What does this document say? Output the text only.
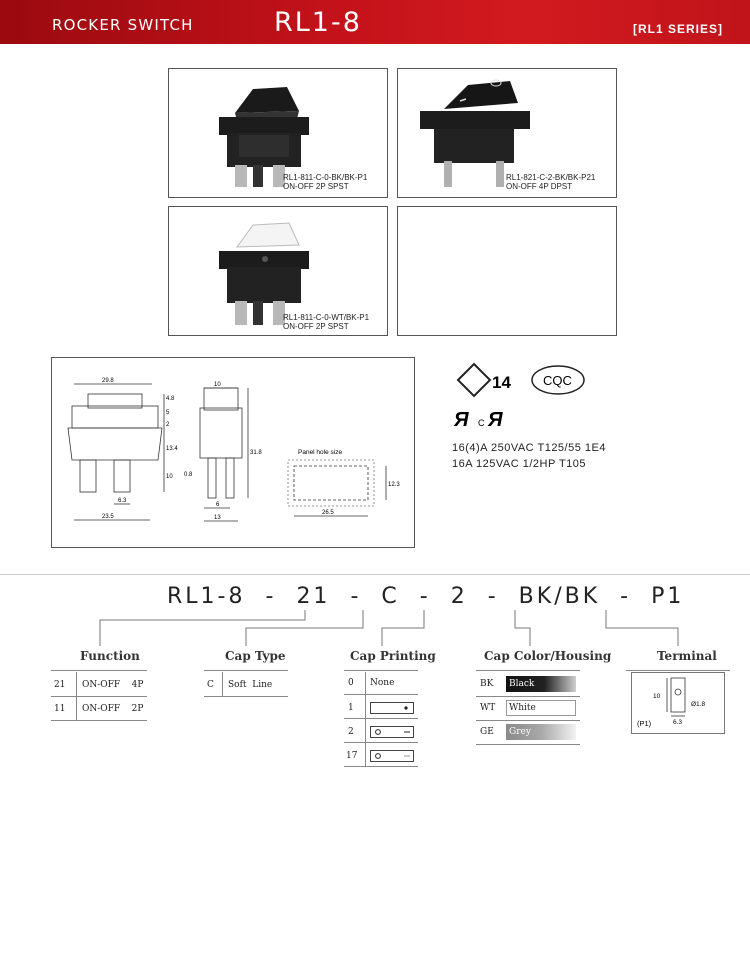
ROCKER SWITCH	RL1-8	[RL1 SERIES]
RL1-811-C-0-BK/BK-P1
ON-OFF 2P SPST
RL1-821-C-2-BK/BK-P21
ON-OFF 4P DPST
RL1-811-C-0-WT/BK-P1
ON-OFF 2P SPST
29.8
4.8
5
2
13.4
10
6.3
23.5
10
31.8
0.8
6
13
12.3
26.5
Panel hole size
14 CQC
Я C Я
16(4)A 250VAC T125/55 1E4
16A 125VAC 1/2HP T105
RL1-8 - 21 - C - 2 - BK/BK - P1
Function
21 ON-OFF    4P
11 ON-OFF    2P
Cap Type
C Soft  Line
Cap Printing
0 None
1
2
17
Cap Color/Housing
BK Black
WT White
GE Grey
Terminal
10
Ø1.8
6.3
(P1)
